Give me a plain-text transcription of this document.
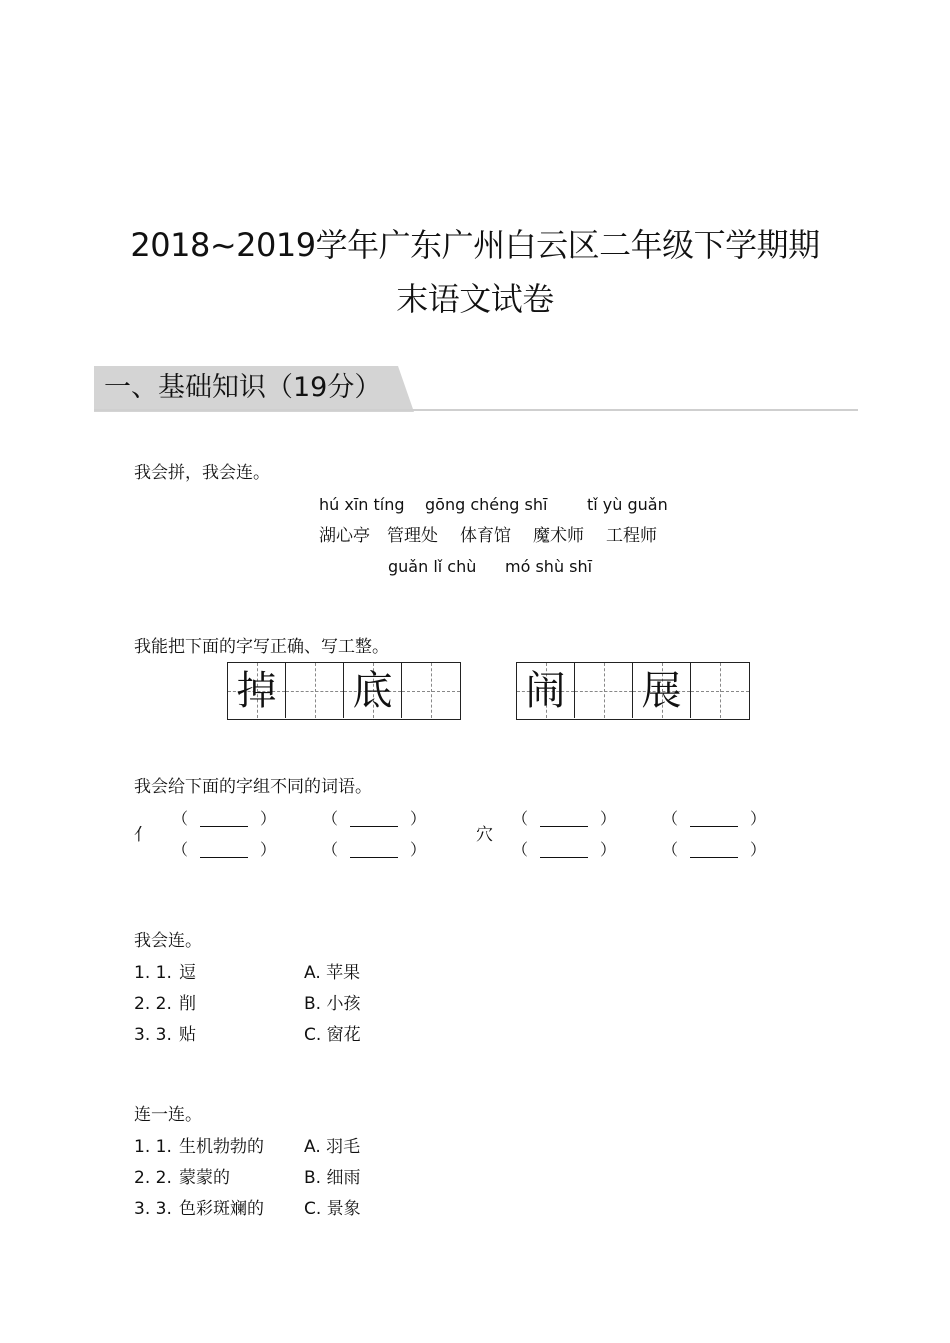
2018~2019学年广东广州白云区二年级下学期期
末语文试卷
一、基础知识（19分）
我会拼，我会连。
hú xīn tíng gōng chéng shī tǐ yù guǎn
湖心亭 管理处 体育馆 魔术师 工程师
guǎn lǐ chù mó shù shī
我能把下面的字写正确、写工整。
掉 底	闹 展
我会给下面的字组不同的词语。
亻	穴
（	）	（	）	（	）	（	）
（	）	（	）	（	）	（	）
我会连。
1. 1. 逗	A. 苹果
2. 2. 削	B. 小孩
3. 3. 贴	C. 窗花
连一连。
1. 1. 生机勃勃的 A. 羽毛
2. 2. 蒙蒙的	B. 细雨
3. 3. 色彩斑斓的 C. 景象
